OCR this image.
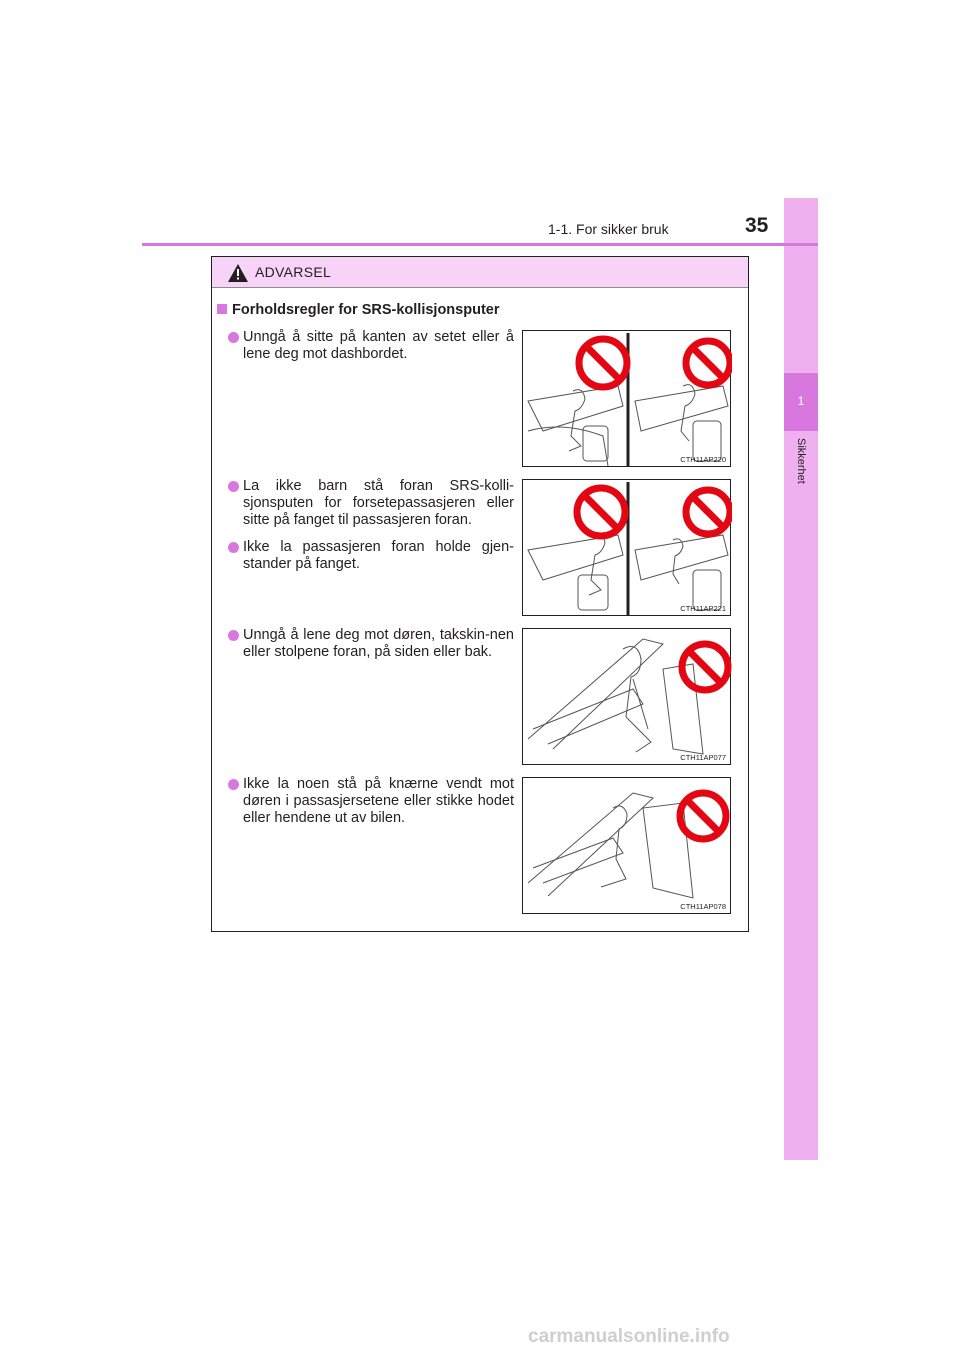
1
Sikkerhet
1-1. For sikker bruk	35
ADVARSEL
Forholdsregler for SRS-kollisjonsputer
Unngå å sitte på kanten av setet eller å lene deg mot dashbordet.
La ikke barn stå foran SRS-kolli-sjonsputen for forsetepassasjeren eller sitte på fanget til passasjeren foran.
Ikke la passasjeren foran holde gjen-stander på fanget.
Unngå å lene deg mot døren, takskin-nen eller stolpene foran, på siden eller bak.
Ikke la noen stå på knærne vendt mot døren i passasjersetene eller stikke hodet eller hendene ut av bilen.
CTH11AP220
CTH11AP221
CTH11AP077
CTH11AP078
carmanualsonline.info
